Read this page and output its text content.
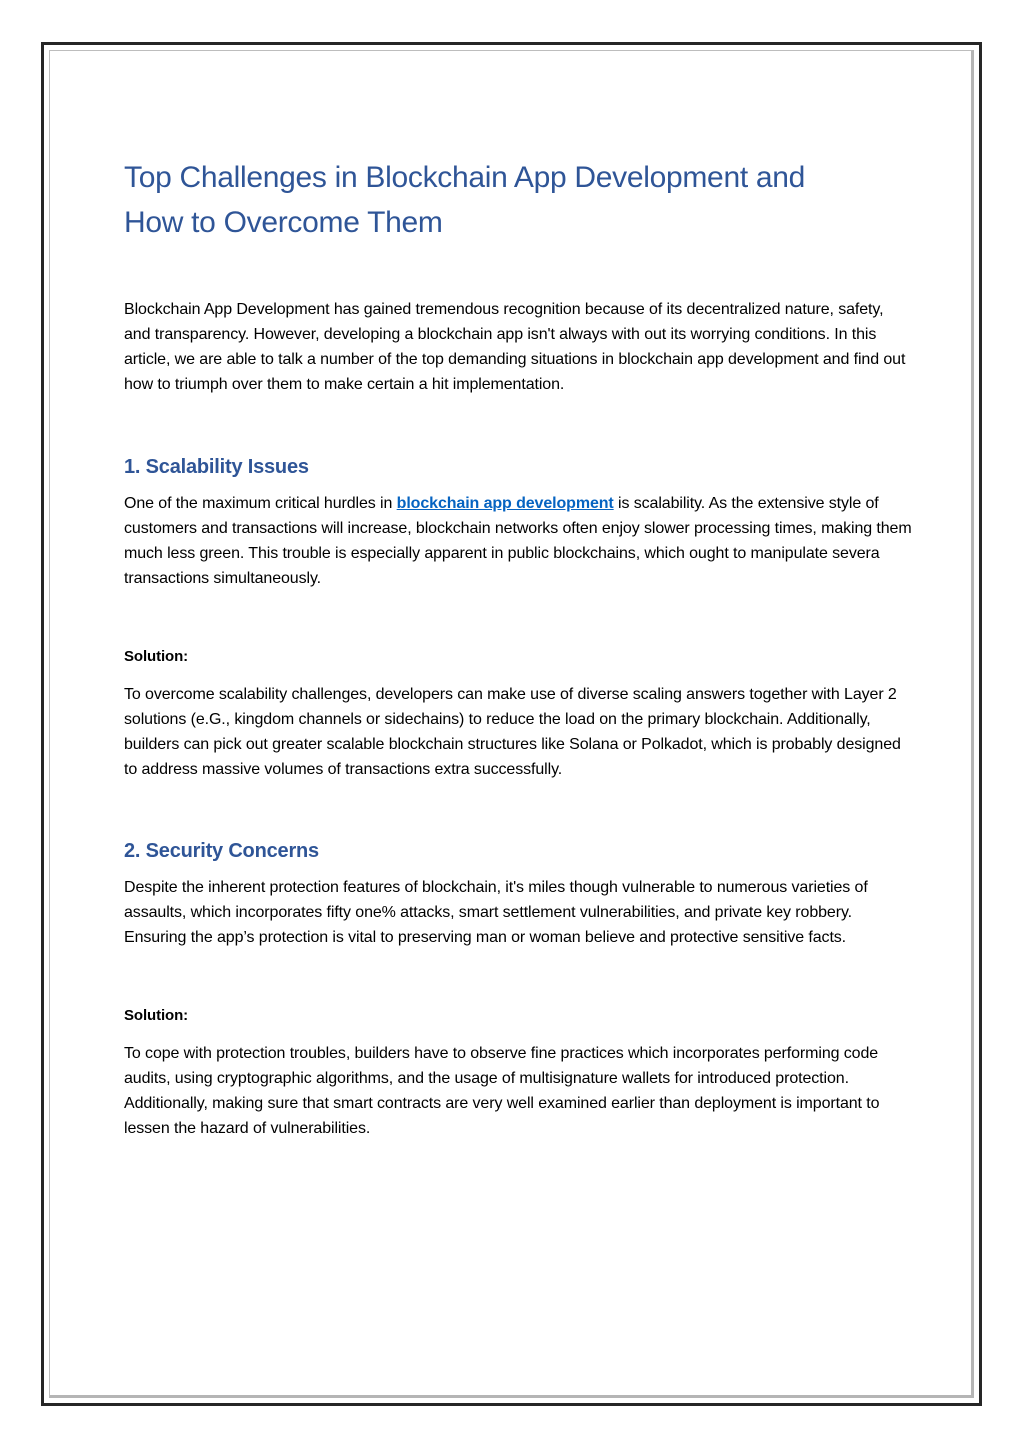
Top Challenges in Blockchain App Development and
How to Overcome Them

Blockchain App Development has gained tremendous recognition because of its decentralized nature, safety, and transparency. However, developing a blockchain app isn't always with out its worrying conditions. In this article, we are able to talk a number of the top demanding situations in blockchain app development and find out how to triumph over them to make certain a hit implementation.

1. Scalability Issues

One of the maximum critical hurdles in blockchain app development is scalability. As the extensive style of customers and transactions will increase, blockchain networks often enjoy slower processing times, making them much less green. This trouble is especially apparent in public blockchains, which ought to manipulate severa transactions simultaneously.

Solution:

To overcome scalability challenges, developers can make use of diverse scaling answers together with Layer 2 solutions (e.G., kingdom channels or sidechains) to reduce the load on the primary blockchain. Additionally, builders can pick out greater scalable blockchain structures like Solana or Polkadot, which is probably designed to address massive volumes of transactions extra successfully.

2. Security Concerns

Despite the inherent protection features of blockchain, it's miles though vulnerable to numerous varieties of assaults, which incorporates fifty one% attacks, smart settlement vulnerabilities, and private key robbery. Ensuring the app’s protection is vital to preserving man or woman believe and protective sensitive facts.

Solution:

To cope with protection troubles, builders have to observe fine practices which incorporates performing code audits, using cryptographic algorithms, and the usage of multisignature wallets for introduced protection. Additionally, making sure that smart contracts are very well examined earlier than deployment is important to lessen the hazard of vulnerabilities.
